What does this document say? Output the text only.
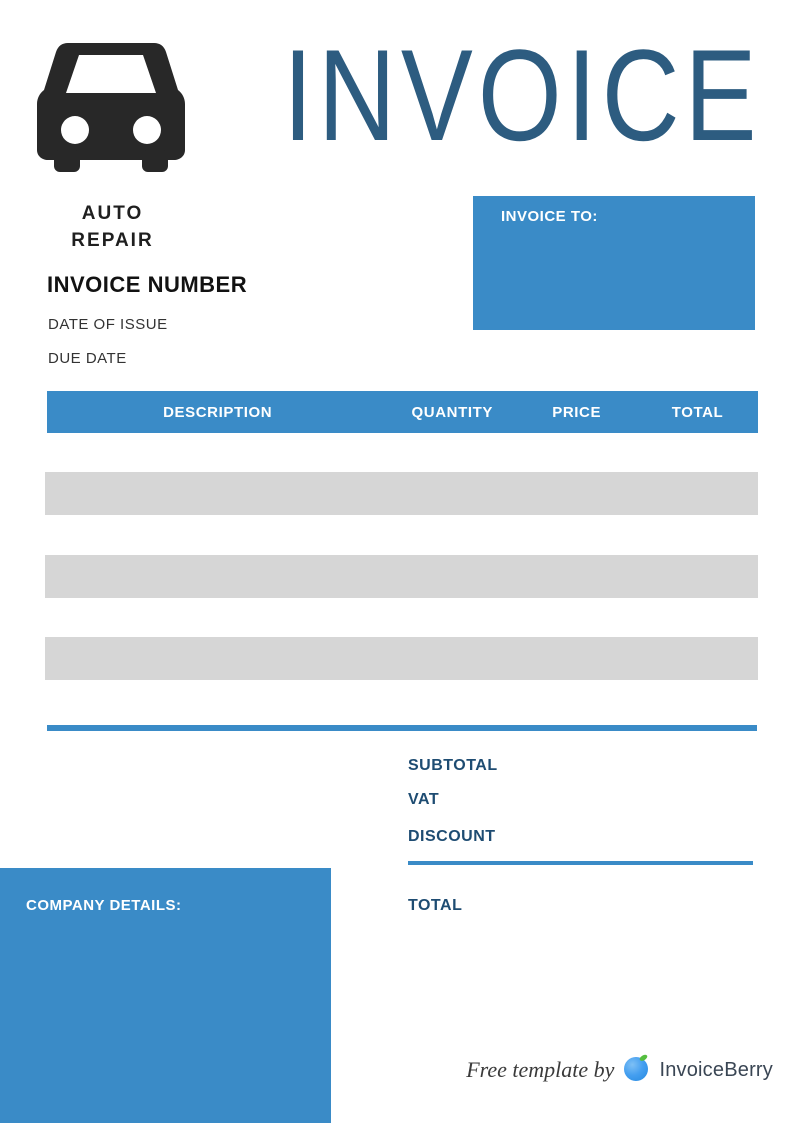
INVOICE
AUTO
REPAIR
INVOICE NUMBER
DATE OF ISSUE
DUE DATE
INVOICE TO:
DESCRIPTION	QUANTITY	PRICE	TOTAL
SUBTOTAL
VAT
DISCOUNT
TOTAL
COMPANY DETAILS:
Free template by InvoiceBerry
